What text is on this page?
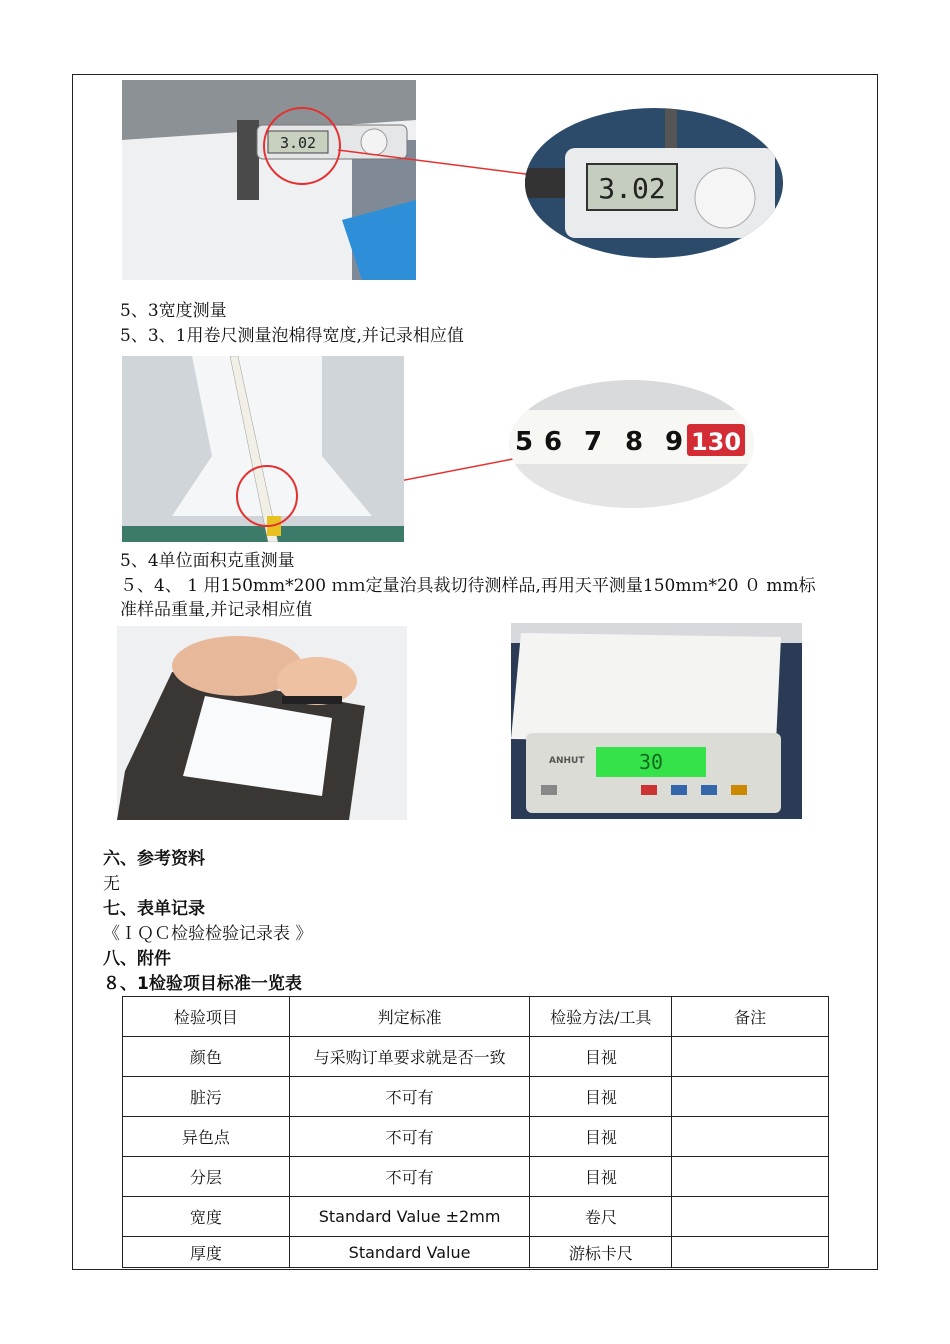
3.02
3.02
5、3宽度测量
5、3、1用卷尺测量泡棉得宽度,并记录相应值
5 6 7 8 9 130
5、4单位面积克重测量
５、4、 1 用150mm*200 ｍｍ定量治具裁切待测样品,再用天平测量150mｍ*20 ０ mm标
准样品重量,并记录相应值
ANHUT	30
六、参考资料
无
七、表单记录
《ＩＱＣ检验检验记录表 》
八、附件
８、1检验项目标准一览表
检验项目	判定标准	检验方法/工具	备注
颜色	与采购订单要求就是否一致	目视	
脏污	不可有	目视	
异色点	不可有	目视	
分层	不可有	目视	
宽度	Standard Value ±2mm	卷尺	
厚度	Standard Value	游标卡尺	
